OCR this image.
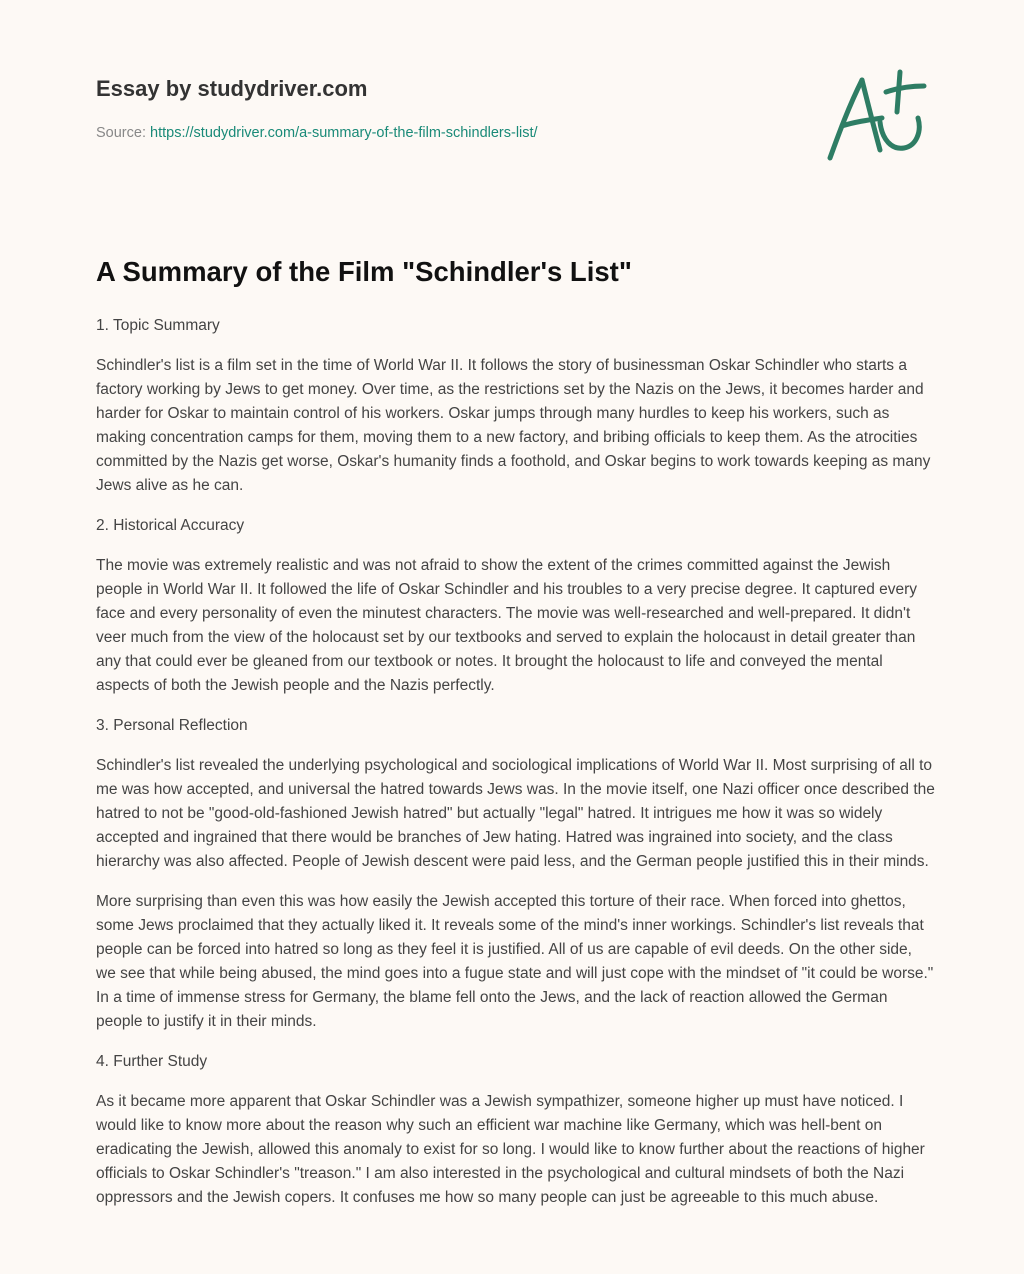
Essay by studydriver.com
Source: https://studydriver.com/a-summary-of-the-film-schindlers-list/
A Summary of the Film "Schindler's List"
1. Topic Summary

Schindler's list is a film set in the time of World War II. It follows the story of businessman Oskar Schindler who starts a factory working by Jews to get money. Over time, as the restrictions set by the Nazis on the Jews, it becomes harder and harder for Oskar to maintain control of his workers. Oskar jumps through many hurdles to keep his workers, such as making concentration camps for them, moving them to a new factory, and bribing officials to keep them. As the atrocities committed by the Nazis get worse, Oskar's humanity finds a foothold, and Oskar begins to work towards keeping as many Jews alive as he can.

2. Historical Accuracy

The movie was extremely realistic and was not afraid to show the extent of the crimes committed against the Jewish people in World War II. It followed the life of Oskar Schindler and his troubles to a very precise degree. It captured every face and every personality of even the minutest characters. The movie was well-researched and well-prepared. It didn't veer much from the view of the holocaust set by our textbooks and served to explain the holocaust in detail greater than any that could ever be gleaned from our textbook or notes. It brought the holocaust to life and conveyed the mental aspects of both the Jewish people and the Nazis perfectly.

3. Personal Reflection

Schindler's list revealed the underlying psychological and sociological implications of World War II. Most surprising of all to me was how accepted, and universal the hatred towards Jews was. In the movie itself, one Nazi officer once described the hatred to not be "good-old-fashioned Jewish hatred" but actually "legal" hatred. It intrigues me how it was so widely accepted and ingrained that there would be branches of Jew hating. Hatred was ingrained into society, and the class hierarchy was also affected. People of Jewish descent were paid less, and the German people justified this in their minds.

More surprising than even this was how easily the Jewish accepted this torture of their race. When forced into ghettos, some Jews proclaimed that they actually liked it. It reveals some of the mind's inner workings. Schindler's list reveals that people can be forced into hatred so long as they feel it is justified. All of us are capable of evil deeds. On the other side, we see that while being abused, the mind goes into a fugue state and will just cope with the mindset of "it could be worse." In a time of immense stress for Germany, the blame fell onto the Jews, and the lack of reaction allowed the German people to justify it in their minds.

4. Further Study

As it became more apparent that Oskar Schindler was a Jewish sympathizer, someone higher up must have noticed. I would like to know more about the reason why such an efficient war machine like Germany, which was hell-bent on eradicating the Jewish, allowed this anomaly to exist for so long. I would like to know further about the reactions of higher officials to Oskar Schindler's "treason." I am also interested in the psychological and cultural mindsets of both the Nazi oppressors and the Jewish copers. It confuses me how so many people can just be agreeable to this much abuse.
